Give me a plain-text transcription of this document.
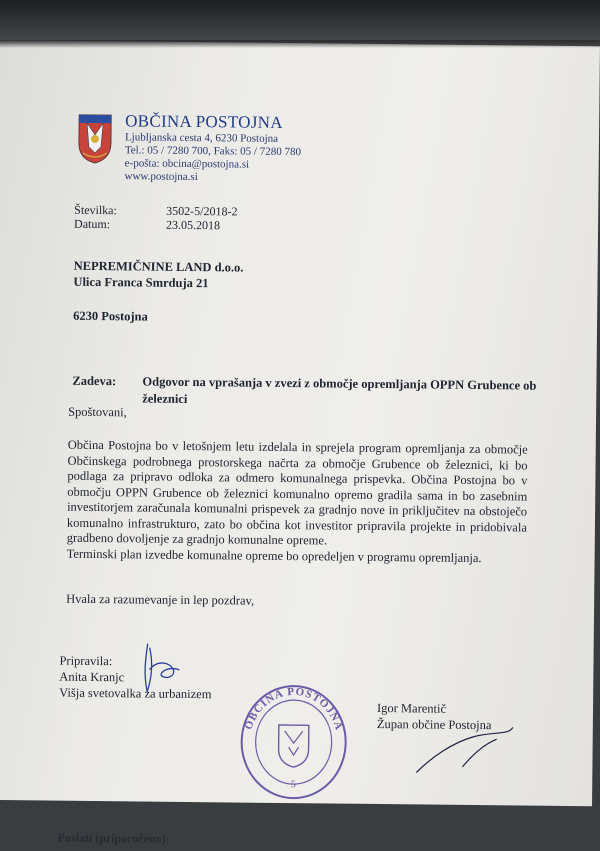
OBČINA POSTOJNA
Ljubljanska cesta 4, 6230 Postojna
Tel.: 05 / 7280 700, Faks: 05 / 7280 780
e-pošta: obcina@postojna.si
www.postojna.si
Številka:	3502-5/2018-2
Datum:	23.05.2018
NEPREMIČNINE LAND d.o.o.
Ulica Franca Smrduja 21
6230 Postojna
Zadeva: Odgovor na vprašanja v zvezi z območje opremljanja OPPN Grubence ob železnici
Spoštovani,
Občina Postojna bo v letošnjem letu izdelala in sprejela program opremljanja za območje Občinskega podrobnega prostorskega načrta za območje Grubence ob železnici, ki bo podlaga za pripravo odloka za odmero komunalnega prispevka. Občina Postojna bo v območju OPPN Grubence ob železnici komunalno opremo gradila sama in bo zasebnim investitorjem zaračunala komunalni prispevek za gradnjo nove in priključitev na obstoječo komunalno infrastrukturo, zato bo občina kot investitor pripravila projekte in pridobivala gradbeno dovoljenje za gradnjo komunalne opreme.
Terminski plan izvedbe komunalne opreme bo opredeljen v programu opremljanja.
Hvala za razumevanje in lep pozdrav,
Pripravila:
Anita Kranjc
Višja svetovalka za urbanizem
OBČINA POSTOJNA
5
Igor Marentič
Župan občine Postojna
Poslati (priporočeno):
